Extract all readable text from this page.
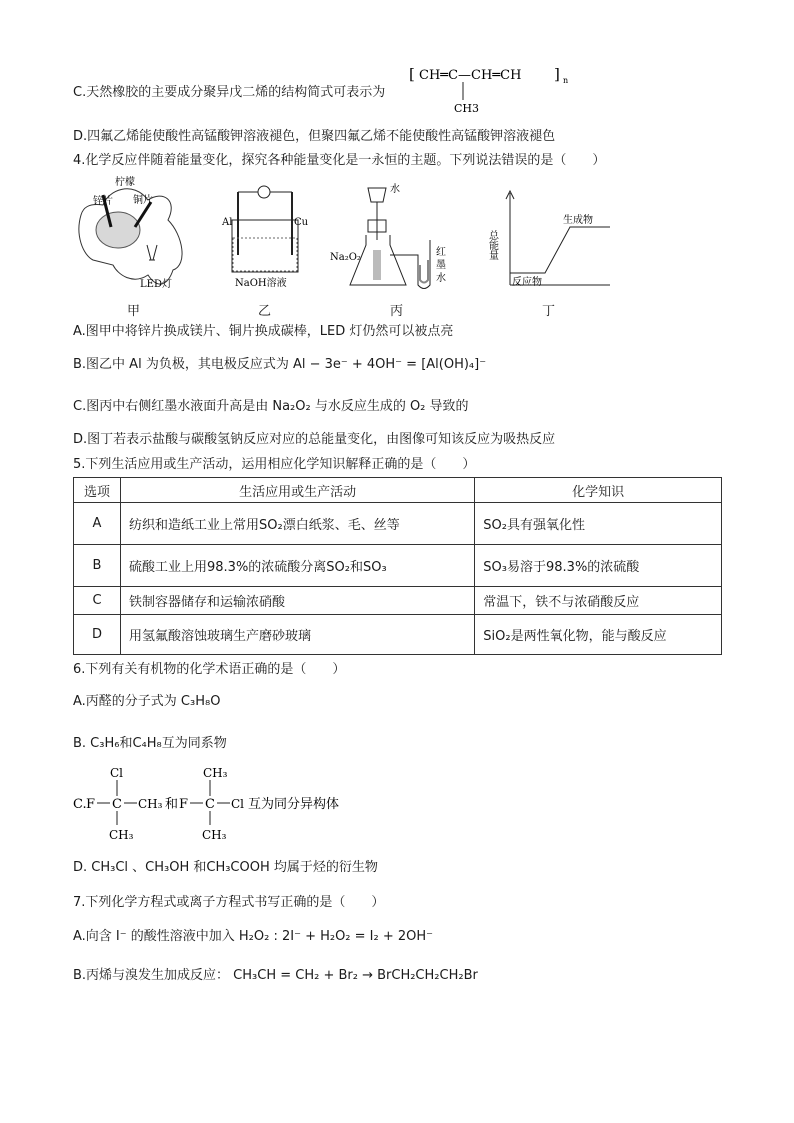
C.天然橡胶的主要成分聚异戊二烯的结构简式可表示为
[ CH═C—CH═CH ] n
CH3
D.四氟乙烯能使酸性高锰酸钾溶液褪色，但聚四氟乙烯不能使酸性高锰酸钾溶液褪色
4.化学反应伴随着能量变化，探究各种能量变化是一永恒的主题。下列说法错误的是（　　）
柠檬
锌片 铜片
LED灯
甲
Al	Cu
NaOH溶液
乙
水
Na₂O₂	红
墨
水
丙
总能量
生成物
反应物
丁
A.图甲中将锌片换成镁片、铜片换成碳棒，LED 灯仍然可以被点亮
B.图乙中 Al 为负极，其电极反应式为 Al − 3e⁻ + 4OH⁻ = [Al(OH)₄]⁻
C.图丙中右侧红墨水液面升高是由 Na₂O₂ 与水反应生成的 O₂ 导致的
D.图丁若表示盐酸与碳酸氢钠反应对应的总能量变化，由图像可知该反应为吸热反应
5.下列生活应用或生产活动，运用相应化学知识解释正确的是（　　）
选项	生活应用或生产活动	化学知识
A	纺织和造纸工业上常用SO₂漂白纸浆、毛、丝等	SO₂具有强氧化性
B	硫酸工业上用98.3%的浓硫酸分离SO₂和SO₃	SO₃易溶于98.3%的浓硫酸
C	铁制容器储存和运输浓硝酸	常温下，铁不与浓硝酸反应
D	用氢氟酸溶蚀玻璃生产磨砂玻璃	SiO₂是两性氧化物，能与酸反应
6.下列有关有机物的化学术语正确的是（　　）
A.丙醛的分子式为 C₃H₈O
B. C₃H₆和C₄H₈互为同系物
C. F C
Cl
CH₃
CH₃
和 F C
CH₃
Cl
CH₃
互为同分异构体
D. CH₃Cl 、CH₃OH 和CH₃COOH 均属于烃的衍生物
7.下列化学方程式或离子方程式书写正确的是（　　）
A.向含 I⁻ 的酸性溶液中加入 H₂O₂ : 2I⁻ + H₂O₂ = I₂ + 2OH⁻
B.丙烯与溴发生加成反应： CH₃CH = CH₂ + Br₂ → BrCH₂CH₂CH₂Br
